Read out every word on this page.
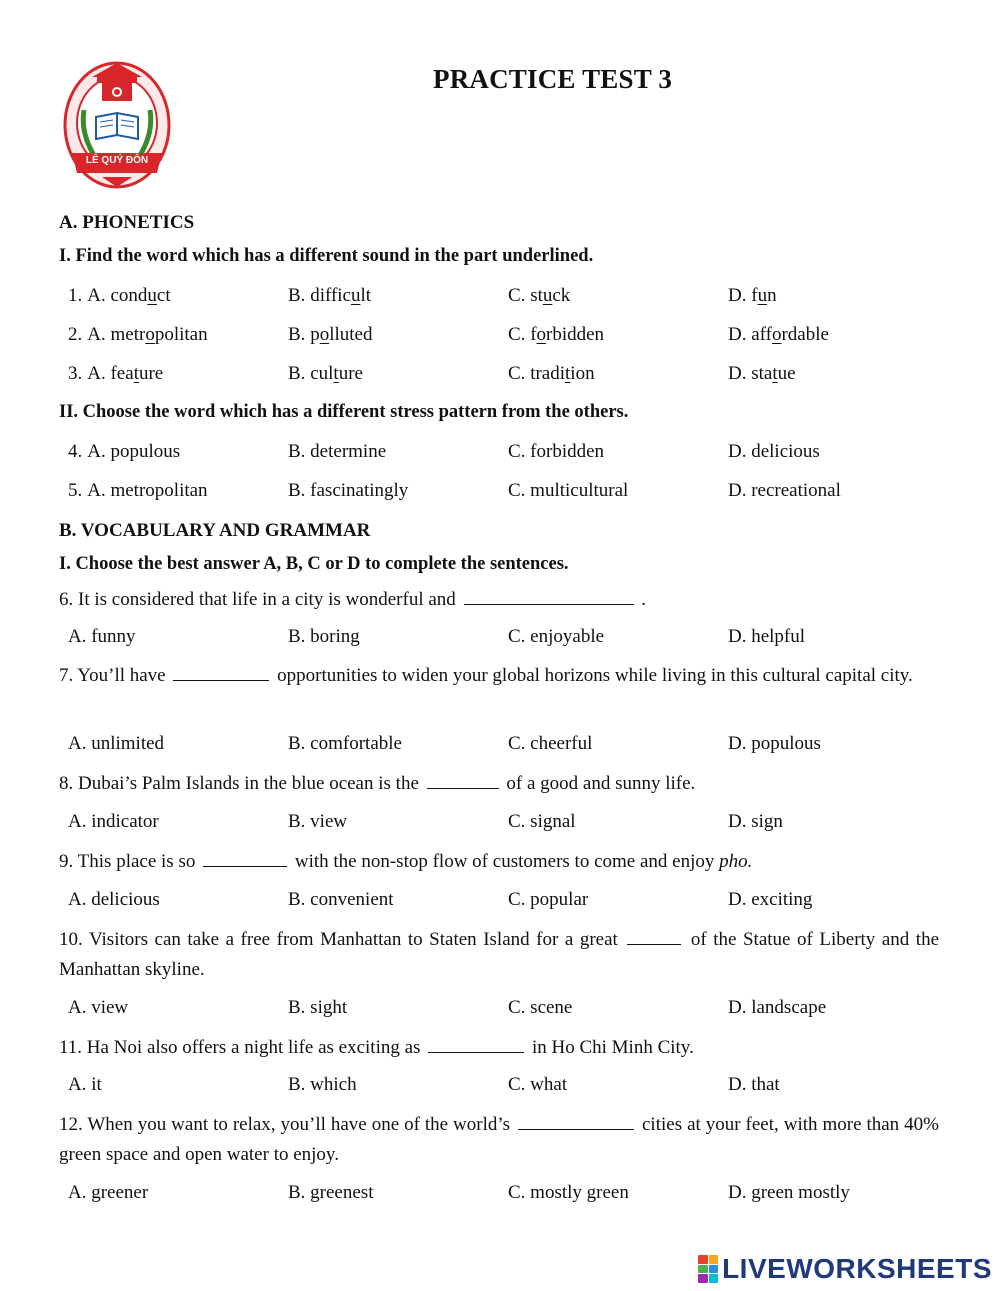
PRACTICE TEST 3
LÊ QUÝ ĐÔN
A. PHONETICS
I. Find the word which has a different sound in the part underlined.
1. A. conduct	B. difficult	C. stuck	D. fun
2. A. metropolitan	B. polluted	C. forbidden	D. affordable
3. A. feature	B. culture	C. tradition	D. statue
II. Choose the word which has a different stress pattern from the others.
4. A. populous	B. determine	C. forbidden	D. delicious
5. A. metropolitan	B. fascinatingly	C. multicultural	D. recreational
B. VOCABULARY AND GRAMMAR
I. Choose the best answer A, B, C or D to complete the sentences.
6. It is considered that life in a city is wonderful and	.
A. funny	B. boring	C. enjoyable	D. helpful
7. You’ll have	opportunities to widen your global horizons while living in this cultural capital city.
A. unlimited	B. comfortable	C. cheerful	D. populous
8. Dubai’s Palm Islands in the blue ocean is the	of a good and sunny life.
A. indicator	B. view	C. signal	D. sign
9. This place is so	with the non-stop flow of customers to come and enjoy pho.
A. delicious	B. convenient	C. popular	D. exciting
10. Visitors can take a free from Manhattan to Staten Island for a great	of the Statue of Liberty and the Manhattan skyline.
A. view	B. sight	C. scene	D. landscape
11. Ha Noi also offers a night life as exciting as	in Ho Chi Minh City.
A. it	B. which	C. what	D. that
12. When you want to relax, you’ll have one of the world’s	cities at your feet, with more than 40% green space and open water to enjoy.
A. greener	B. greenest	C. mostly green	D. green mostly
LIVEWORKSHEETS
